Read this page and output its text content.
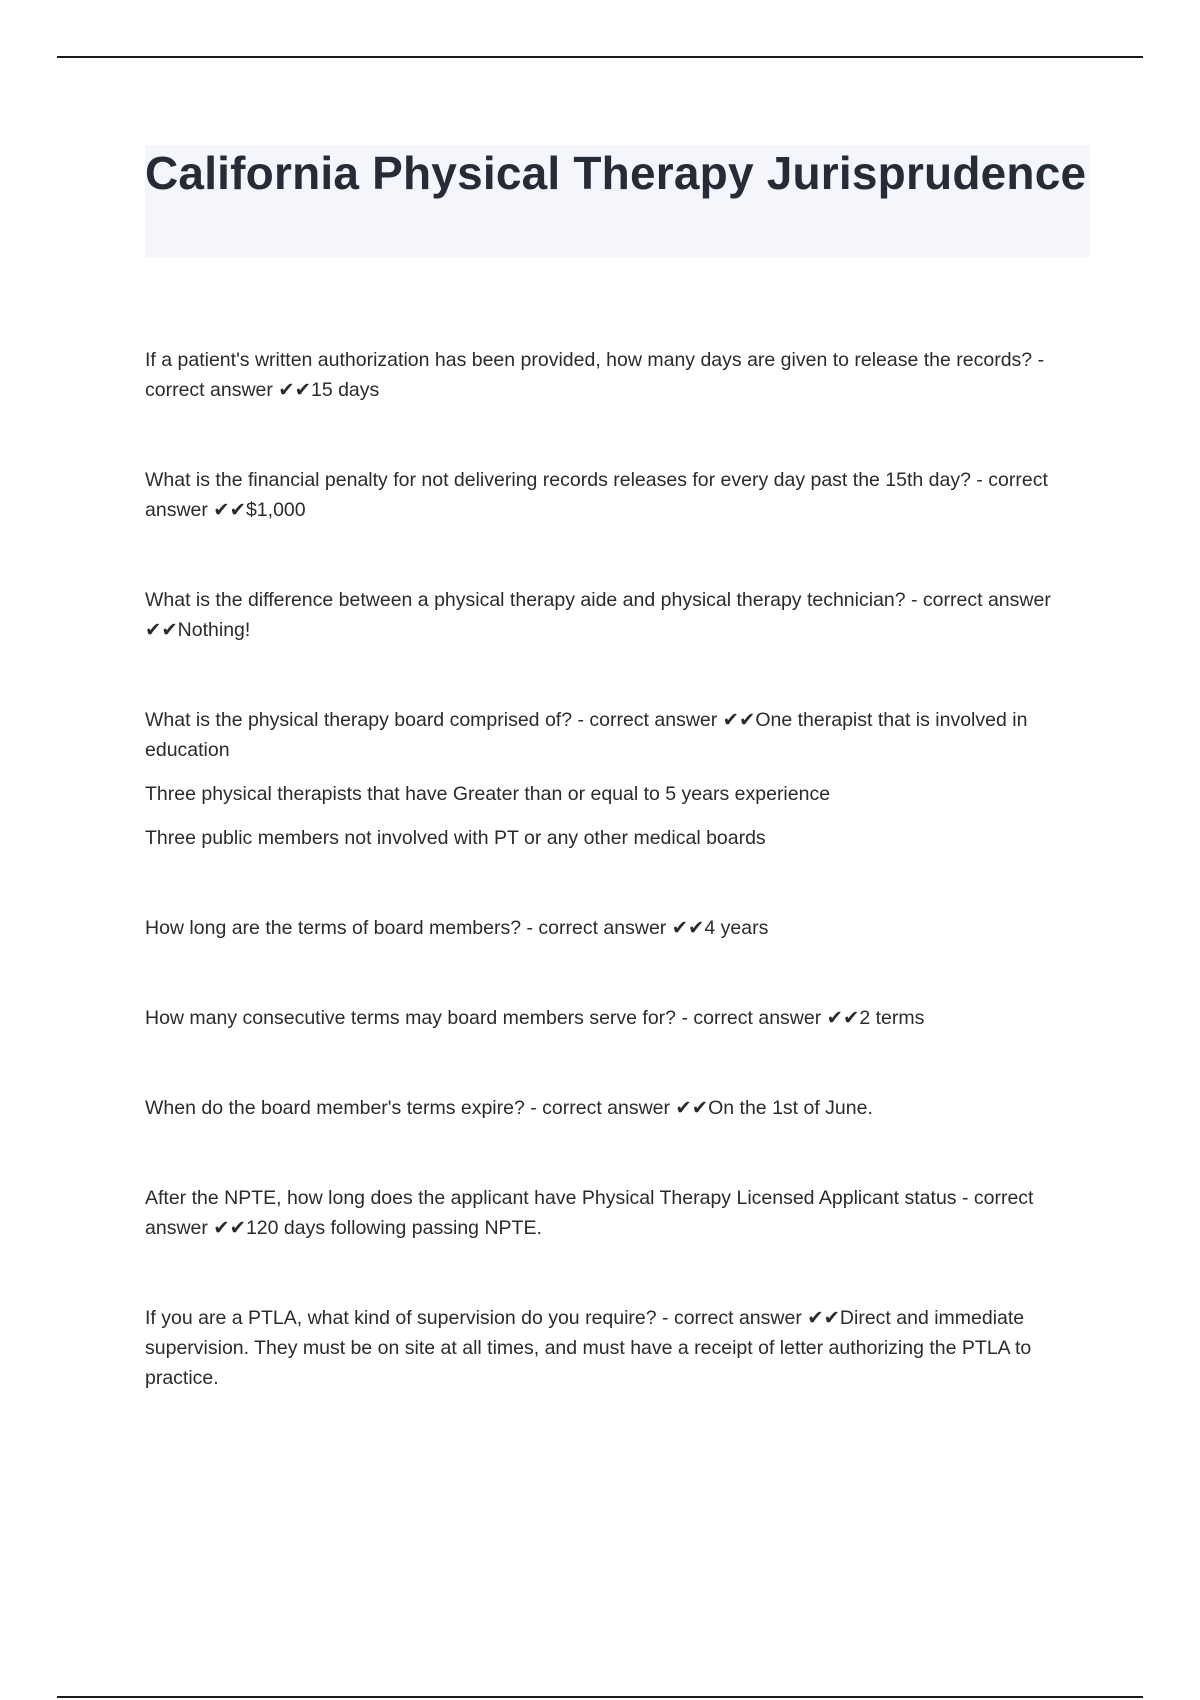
California Physical Therapy Jurisprudence

If a patient's written authorization has been provided, how many days are given to release the records? - correct answer ✔✔15 days

What is the financial penalty for not delivering records releases for every day past the 15th day? - correct answer ✔✔$1,000

What is the difference between a physical therapy aide and physical therapy technician? - correct answer ✔✔Nothing!

What is the physical therapy board comprised of? - correct answer ✔✔One therapist that is involved in education

Three physical therapists that have Greater than or equal to 5 years experience

Three public members not involved with PT or any other medical boards

How long are the terms of board members? - correct answer ✔✔4 years

How many consecutive terms may board members serve for? - correct answer ✔✔2 terms

When do the board member's terms expire? - correct answer ✔✔On the 1st of June.

After the NPTE, how long does the applicant have Physical Therapy Licensed Applicant status - correct answer ✔✔120 days following passing NPTE.

If you are a PTLA, what kind of supervision do you require? - correct answer ✔✔Direct and immediate supervision. They must be on site at all times, and must have a receipt of letter authorizing the PTLA to practice.
